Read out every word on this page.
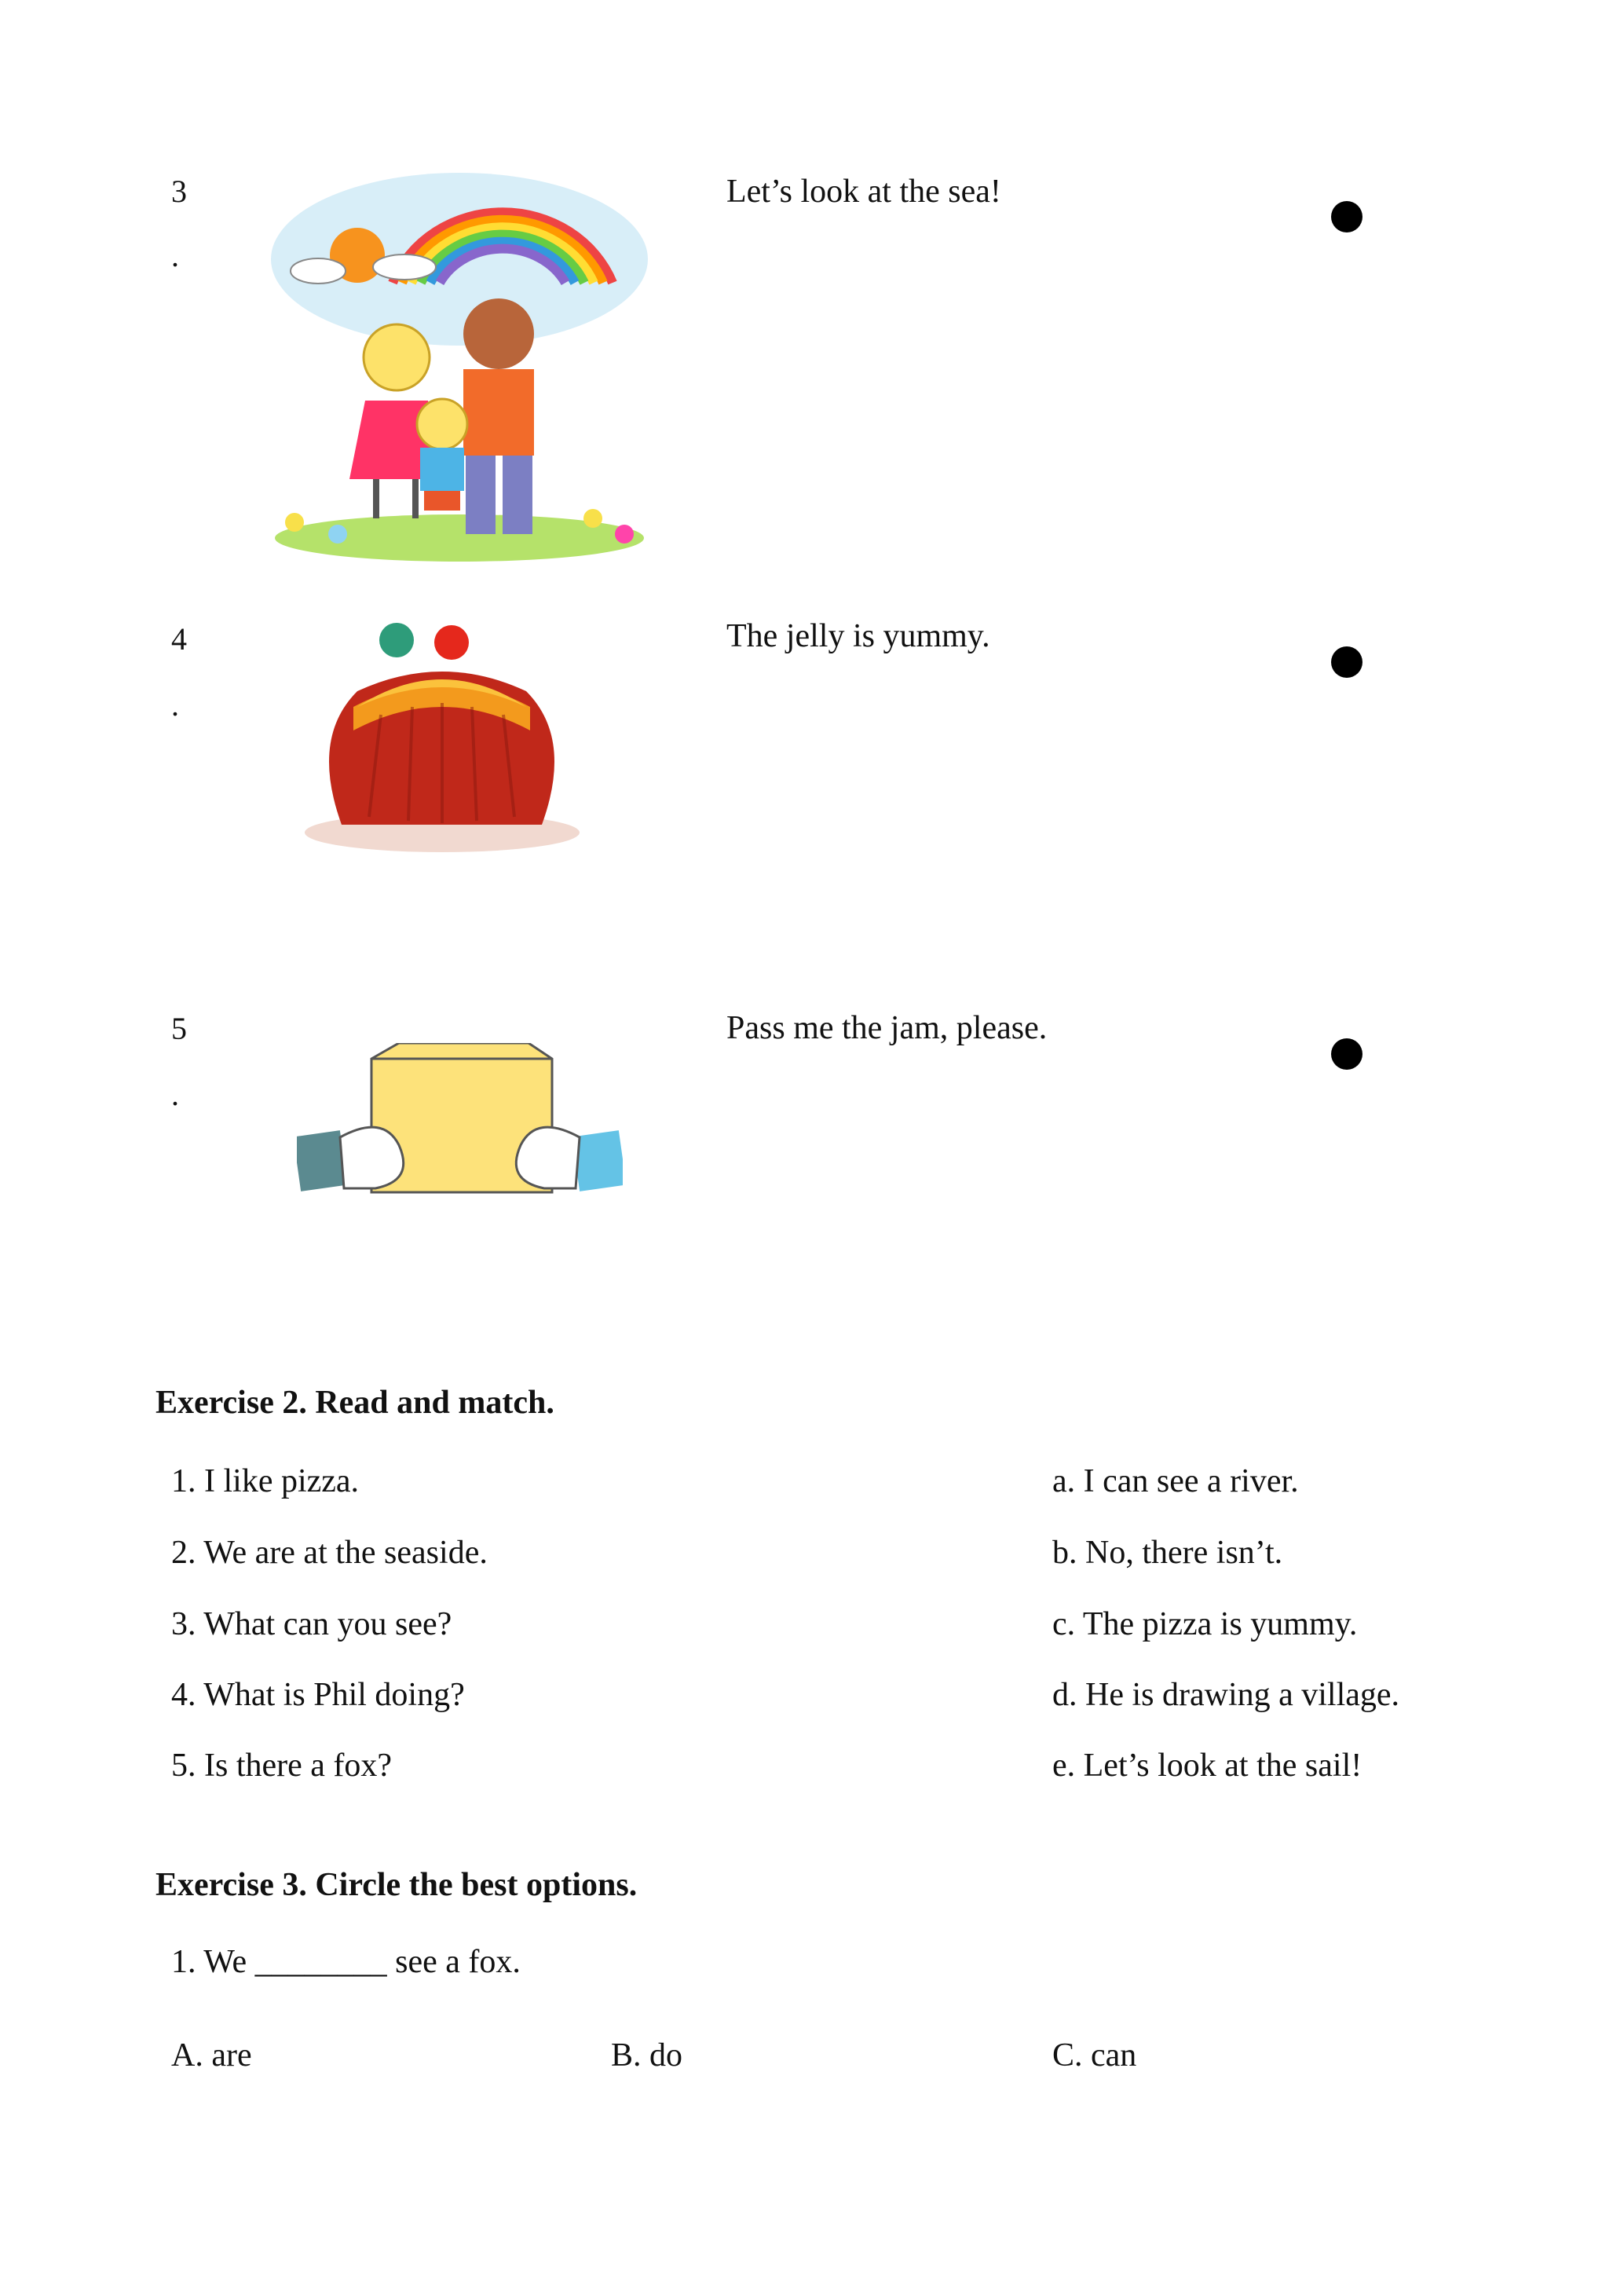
3
.
Let’s look at the sea!
4
.
The jelly is yummy.
5
.
Pass me the jam, please.
Exercise 2. Read and match.
1. I like pizza.
2. We are at the seaside.
3. What can you see?
4. What is Phil doing?
5. Is there a fox?
a. I can see a river.
b. No, there isn’t.
c. The pizza is yummy.
d. He is drawing a village.
e. Let’s look at the sail!
Exercise 3. Circle the best options.
1. We ________ see a fox.
A. are	B. do	C. can
